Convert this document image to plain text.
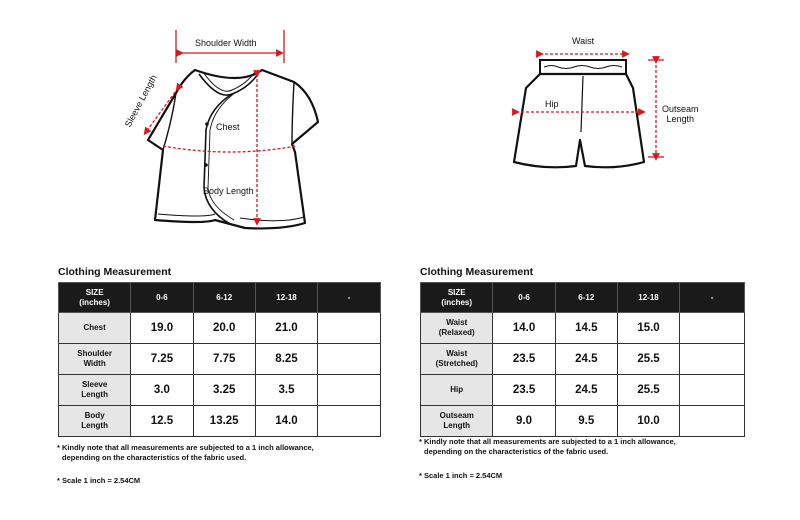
Shoulder Width
Sleeve Length	Chest
Body Length
Waist
Hip	Outseam
Length
Clothing Measurement
SIZE
(inches)	0-6	6-12	12-18	-

Chest	19.0	20.0	21.0	

Shoulder
Width	7.25	7.75	8.25	

Sleeve
Length	3.0	3.25	3.5	

Body
Length	12.5	13.25	14.0	
* Kindly note that all measurements are subjected to a 1 inch allowance,
depending on the characteristics of the fabric used.
* Scale 1 inch = 2.54CM
Clothing Measurement
SIZE
(inches)	0-6	6-12	12-18	-

Waist
(Relaxed)	14.0	14.5	15.0	

Waist
(Stretched)	23.5	24.5	25.5	

Hip	23.5	24.5	25.5	

Outseam
Length	9.0	9.5	10.0	
* Kindly note that all measurements are subjected to a 1 inch allowance,
depending on the characteristics of the fabric used.
* Scale 1 inch = 2.54CM
